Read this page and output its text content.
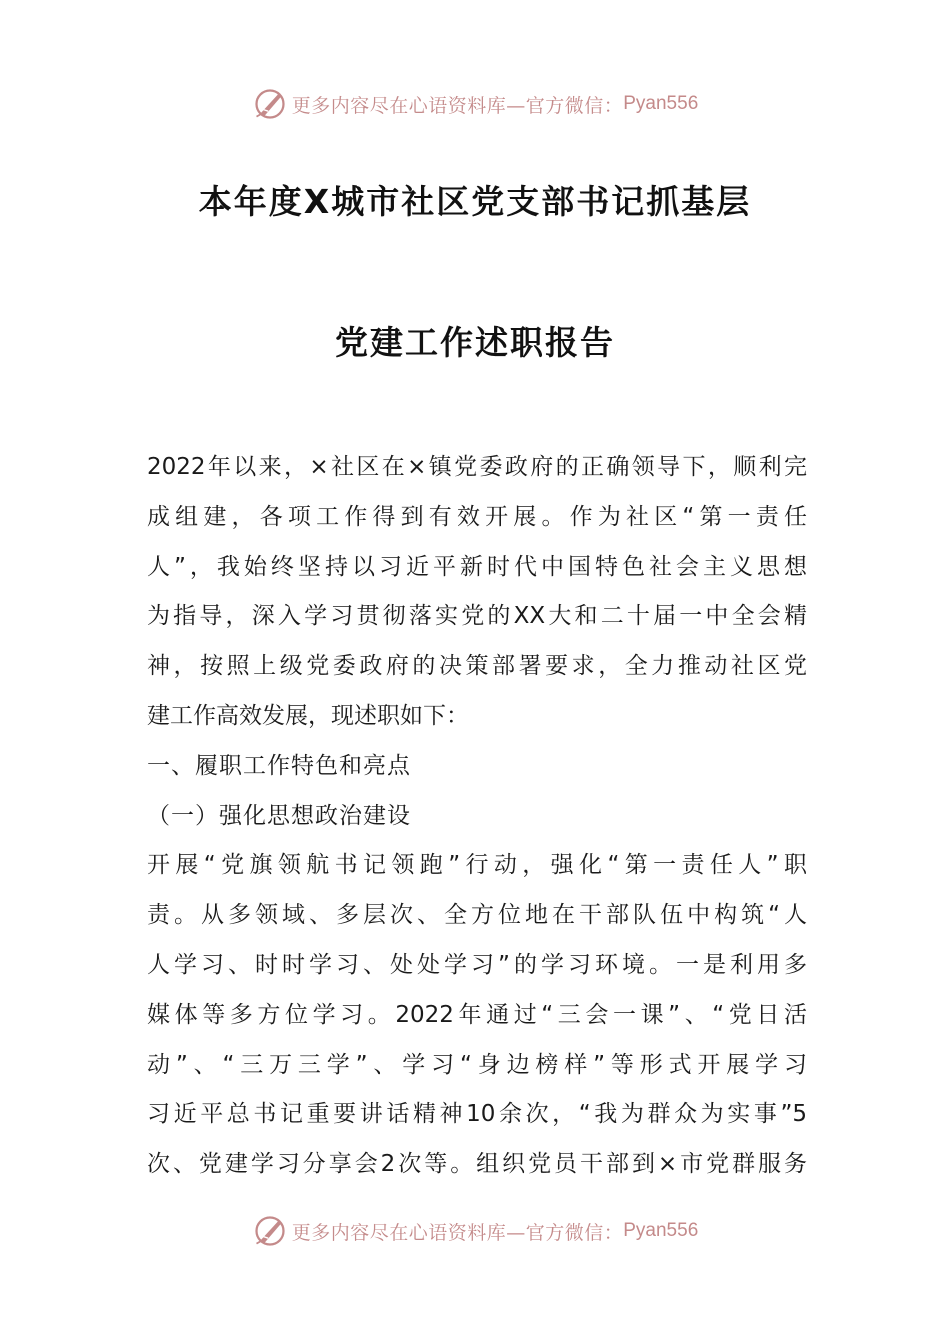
更多内容尽在心语资料库—官方微信： Pyan556
本年度X城市社区党支部书记抓基层
党建工作述职报告
2022年以来，×社区在×镇党委政府的正确领导下，顺利完
成组建，各项工作得到有效开展。作为社区“第一责任
人”，我始终坚持以习近平新时代中国特色社会主义思想
为指导，深入学习贯彻落实党的XX大和二十届一中全会精
神，按照上级党委政府的决策部署要求，全力推动社区党
建工作高效发展，现述职如下：
一、履职工作特色和亮点
（一）强化思想政治建设
开展“党旗领航书记领跑”行动，强化“第一责任人”职
责。从多领域、多层次、全方位地在干部队伍中构筑“人
人学习、时时学习、处处学习”的学习环境。一是利用多
媒体等多方位学习。2022年通过“三会一课”、“党日活
动”、“三万三学”、学习“身边榜样”等形式开展学习
习近平总书记重要讲话精神10余次，“我为群众为实事”5
次、党建学习分享会2次等。组织党员干部到×市党群服务
更多内容尽在心语资料库—官方微信： Pyan556
